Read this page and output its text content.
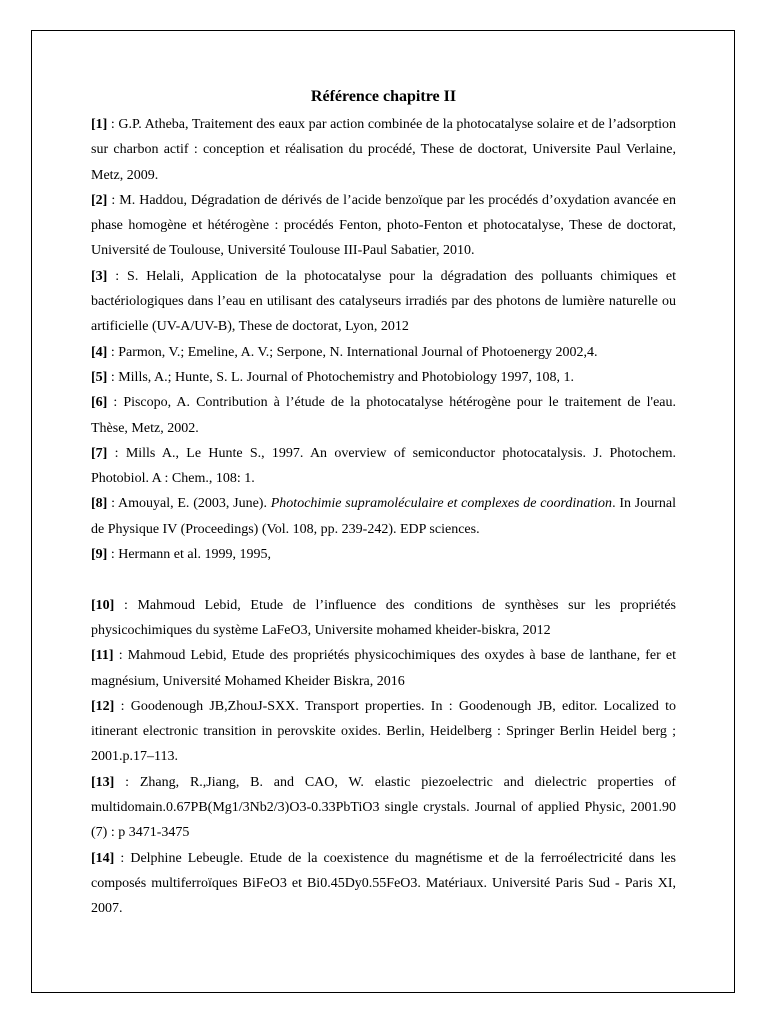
Référence chapitre II

[1] : G.P. Atheba, Traitement des eaux par action combinée de la photocatalyse solaire et de l’adsorption sur charbon actif : conception et réalisation du procédé, These de doctorat, Universite Paul Verlaine, Metz, 2009.

[2] : M. Haddou, Dégradation de dérivés de l’acide benzoïque par les procédés d’oxydation avancée en phase homogène et hétérogène : procédés Fenton, photo-Fenton et photocatalyse, These de doctorat, Université de Toulouse, Université Toulouse III-Paul Sabatier, 2010.

[3] : S. Helali, Application de la photocatalyse pour la dégradation des polluants chimiques et bactériologiques dans l’eau en utilisant des catalyseurs irradiés par des photons de lumière naturelle ou artificielle (UV-A/UV-B), These de doctorat, Lyon, 2012

[4] : Parmon, V.; Emeline, A. V.; Serpone, N. International Journal of Photoenergy 2002,4.

[5] : Mills, A.; Hunte, S. L. Journal of Photochemistry and Photobiology 1997, 108, 1.

[6] : Piscopo, A. Contribution à l’étude de la photocatalyse hétérogène pour le traitement de l'eau. Thèse, Metz, 2002.

[7] : Mills A., Le Hunte S., 1997. An overview of semiconductor photocatalysis. J. Photochem. Photobiol. A : Chem., 108: 1.

[8] : Amouyal, E. (2003, June). Photochimie supramoléculaire et complexes de coordination. In Journal de Physique IV (Proceedings) (Vol. 108, pp. 239-242). EDP sciences.

[9] : Hermann et al. 1999, 1995,

[10] : Mahmoud Lebid, Etude de l’influence des conditions de synthèses sur les propriétés physicochimiques du système LaFeO3, Universite mohamed kheider-biskra, 2012

[11] : Mahmoud Lebid, Etude des propriétés physicochimiques des oxydes à base de lanthane, fer et magnésium, Université Mohamed Kheider Biskra, 2016

[12] : Goodenough JB,ZhouJ-SXX. Transport properties. In : Goodenough JB, editor. Localized to itinerant electronic transition in perovskite oxides. Berlin, Heidelberg : Springer Berlin Heidel berg ; 2001.p.17–113.

[13] : Zhang, R.,Jiang, B. and CAO, W. elastic piezoelectric and dielectric properties of multidomain.0.67PB(Mg1/3Nb2/3)O3-0.33PbTiO3 single crystals. Journal of applied Physic, 2001.90 (7) : p 3471-3475

[14] : Delphine Lebeugle. Etude de la coexistence du magnétisme et de la ferroélectricité dans les composés multiferroïques BiFeO3 et Bi0.45Dy0.55FeO3. Matériaux. Université Paris Sud - Paris XI, 2007.
